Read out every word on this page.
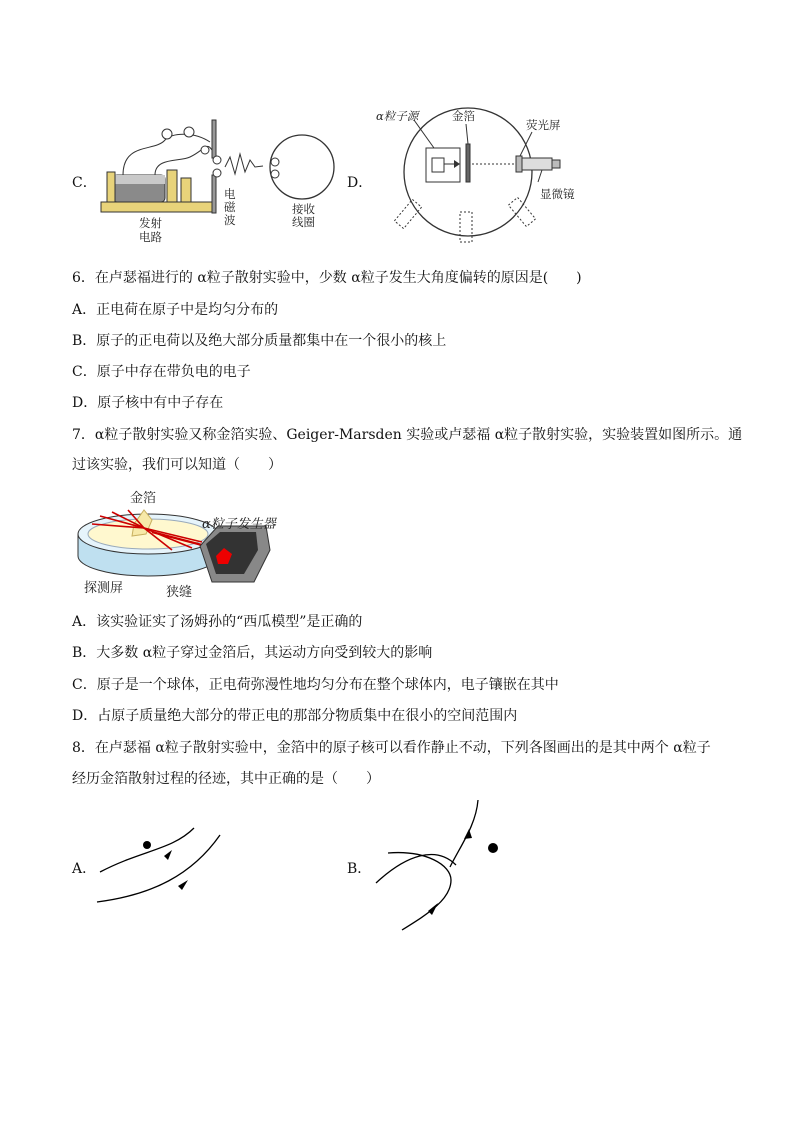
C．
发射
电路
电
磁
波
接收
线圈
D．
α粒子源	金箔
荧光屏
显微镜
6．在卢瑟福进行的 α粒子散射实验中，少数 α粒子发生大角度偏转的原因是(　　)
A．正电荷在原子中是均匀分布的
B．原子的正电荷以及绝大部分质量都集中在一个很小的核上
C．原子中存在带负电的电子
D．原子核中有中子存在
7．α粒子散射实验又称金箔实验、Geiger-Marsden 实验或卢瑟福 α粒子散射实验，实验装置如图所示。通
过该实验，我们可以知道（　　）
金箔
α粒子发生器
探测屏	狭缝
A．该实验证实了汤姆孙的“西瓜模型”是正确的
B．大多数 α粒子穿过金箔后，其运动方向受到较大的影响
C．原子是一个球体，正电荷弥漫性地均匀分布在整个球体内，电子镶嵌在其中
D．占原子质量绝大部分的带正电的那部分物质集中在很小的空间范围内
8．在卢瑟福 α粒子散射实验中，金箔中的原子核可以看作静止不动，下列各图画出的是其中两个 α粒子
经历金箔散射过程的径迹，其中正确的是（　　）
A．	B．
